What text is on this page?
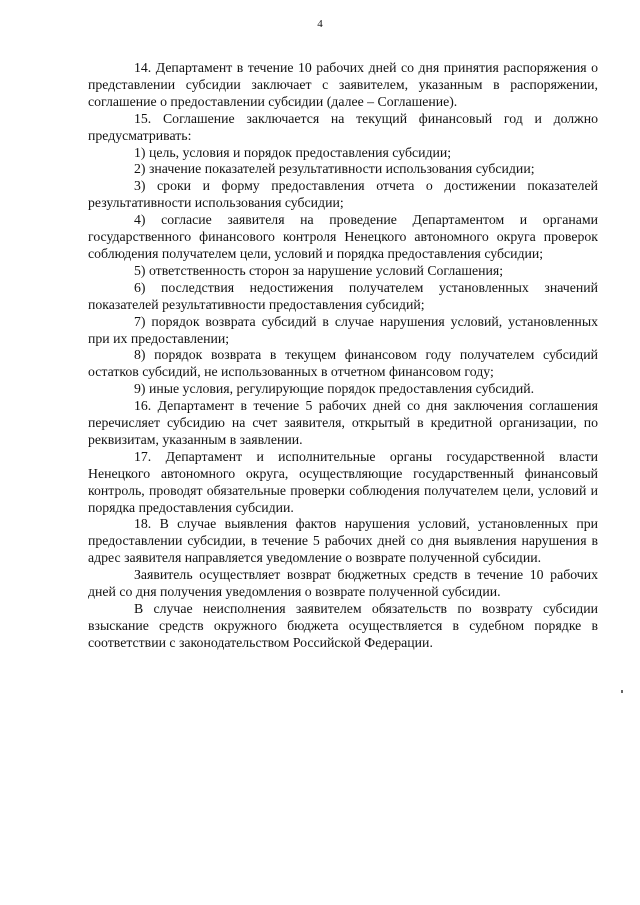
4

14. Департамент в течение 10 рабочих дней со дня принятия распоряжения о представлении субсидии заключает с заявителем, указанным в распоряжении, соглашение о предоставлении субсидии (далее – Соглашение).

15. Соглашение заключается на текущий финансовый год и должно предусматривать:

1) цель, условия и порядок предоставления субсидии;

2) значение показателей результативности использования субсидии;

3) сроки и форму предоставления отчета о достижении показателей результативности использования субсидии;

4) согласие заявителя на проведение Департаментом и органами государственного финансового контроля Ненецкого автономного округа проверок соблюдения получателем цели, условий и порядка предоставления субсидии;

5) ответственность сторон за нарушение условий Соглашения;

6) последствия недостижения получателем установленных значений показателей результативности предоставления субсидий;

7) порядок возврата субсидий в случае нарушения условий, установленных при их предоставлении;

8) порядок возврата в текущем финансовом году получателем субсидий остатков субсидий, не использованных в отчетном финансовом году;

9) иные условия, регулирующие порядок предоставления субсидий.

16. Департамент в течение 5 рабочих дней со дня заключения соглашения перечисляет субсидию на счет заявителя, открытый в кредитной организации, по реквизитам, указанным в заявлении.

17. Департамент и исполнительные органы государственной власти Ненецкого автономного округа, осуществляющие государственный финансовый контроль, проводят обязательные проверки соблюдения получателем цели, условий и порядка предоставления субсидии.

18. В случае выявления фактов нарушения условий, установленных при предоставлении субсидии, в течение 5 рабочих дней со дня выявления нарушения в адрес заявителя направляется уведомление о возврате полученной субсидии.

Заявитель осуществляет возврат бюджетных средств в течение 10 рабочих дней со дня получения уведомления о возврате полученной субсидии.

В случае неисполнения заявителем обязательств по возврату субсидии взыскание средств окружного бюджета осуществляется в судебном порядке в соответствии с законодательством Российской Федерации.
